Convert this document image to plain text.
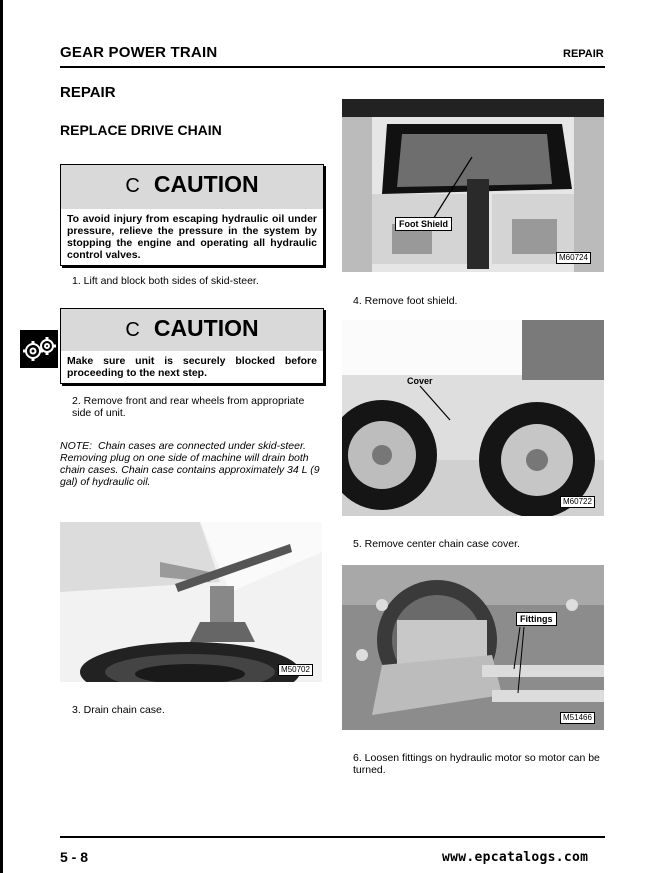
GEAR POWER TRAIN	REPAIR
REPAIR
REPLACE DRIVE CHAIN
C CAUTION
To avoid injury from escaping hydraulic oil under pressure, relieve the pressure in the system by stopping the engine and operating all hydraulic control valves.
1. Lift and block both sides of skid-steer.
C CAUTION
Make sure unit is securely blocked before proceeding to the next step.
2. Remove front and rear wheels from appropriate side of unit.
NOTE: Chain cases are connected under skid-steer. Removing plug on one side of machine will drain both chain cases. Chain case contains approximately 34 L (9 gal) of hydraulic oil.
M50702
3. Drain chain case.
Foot Shield
M60724
4. Remove foot shield.
Cover
M60722
5. Remove center chain case cover.
Fittings
M51466
6. Loosen fittings on hydraulic motor so motor can be turned.
5 - 8	www.epcatalogs.com
